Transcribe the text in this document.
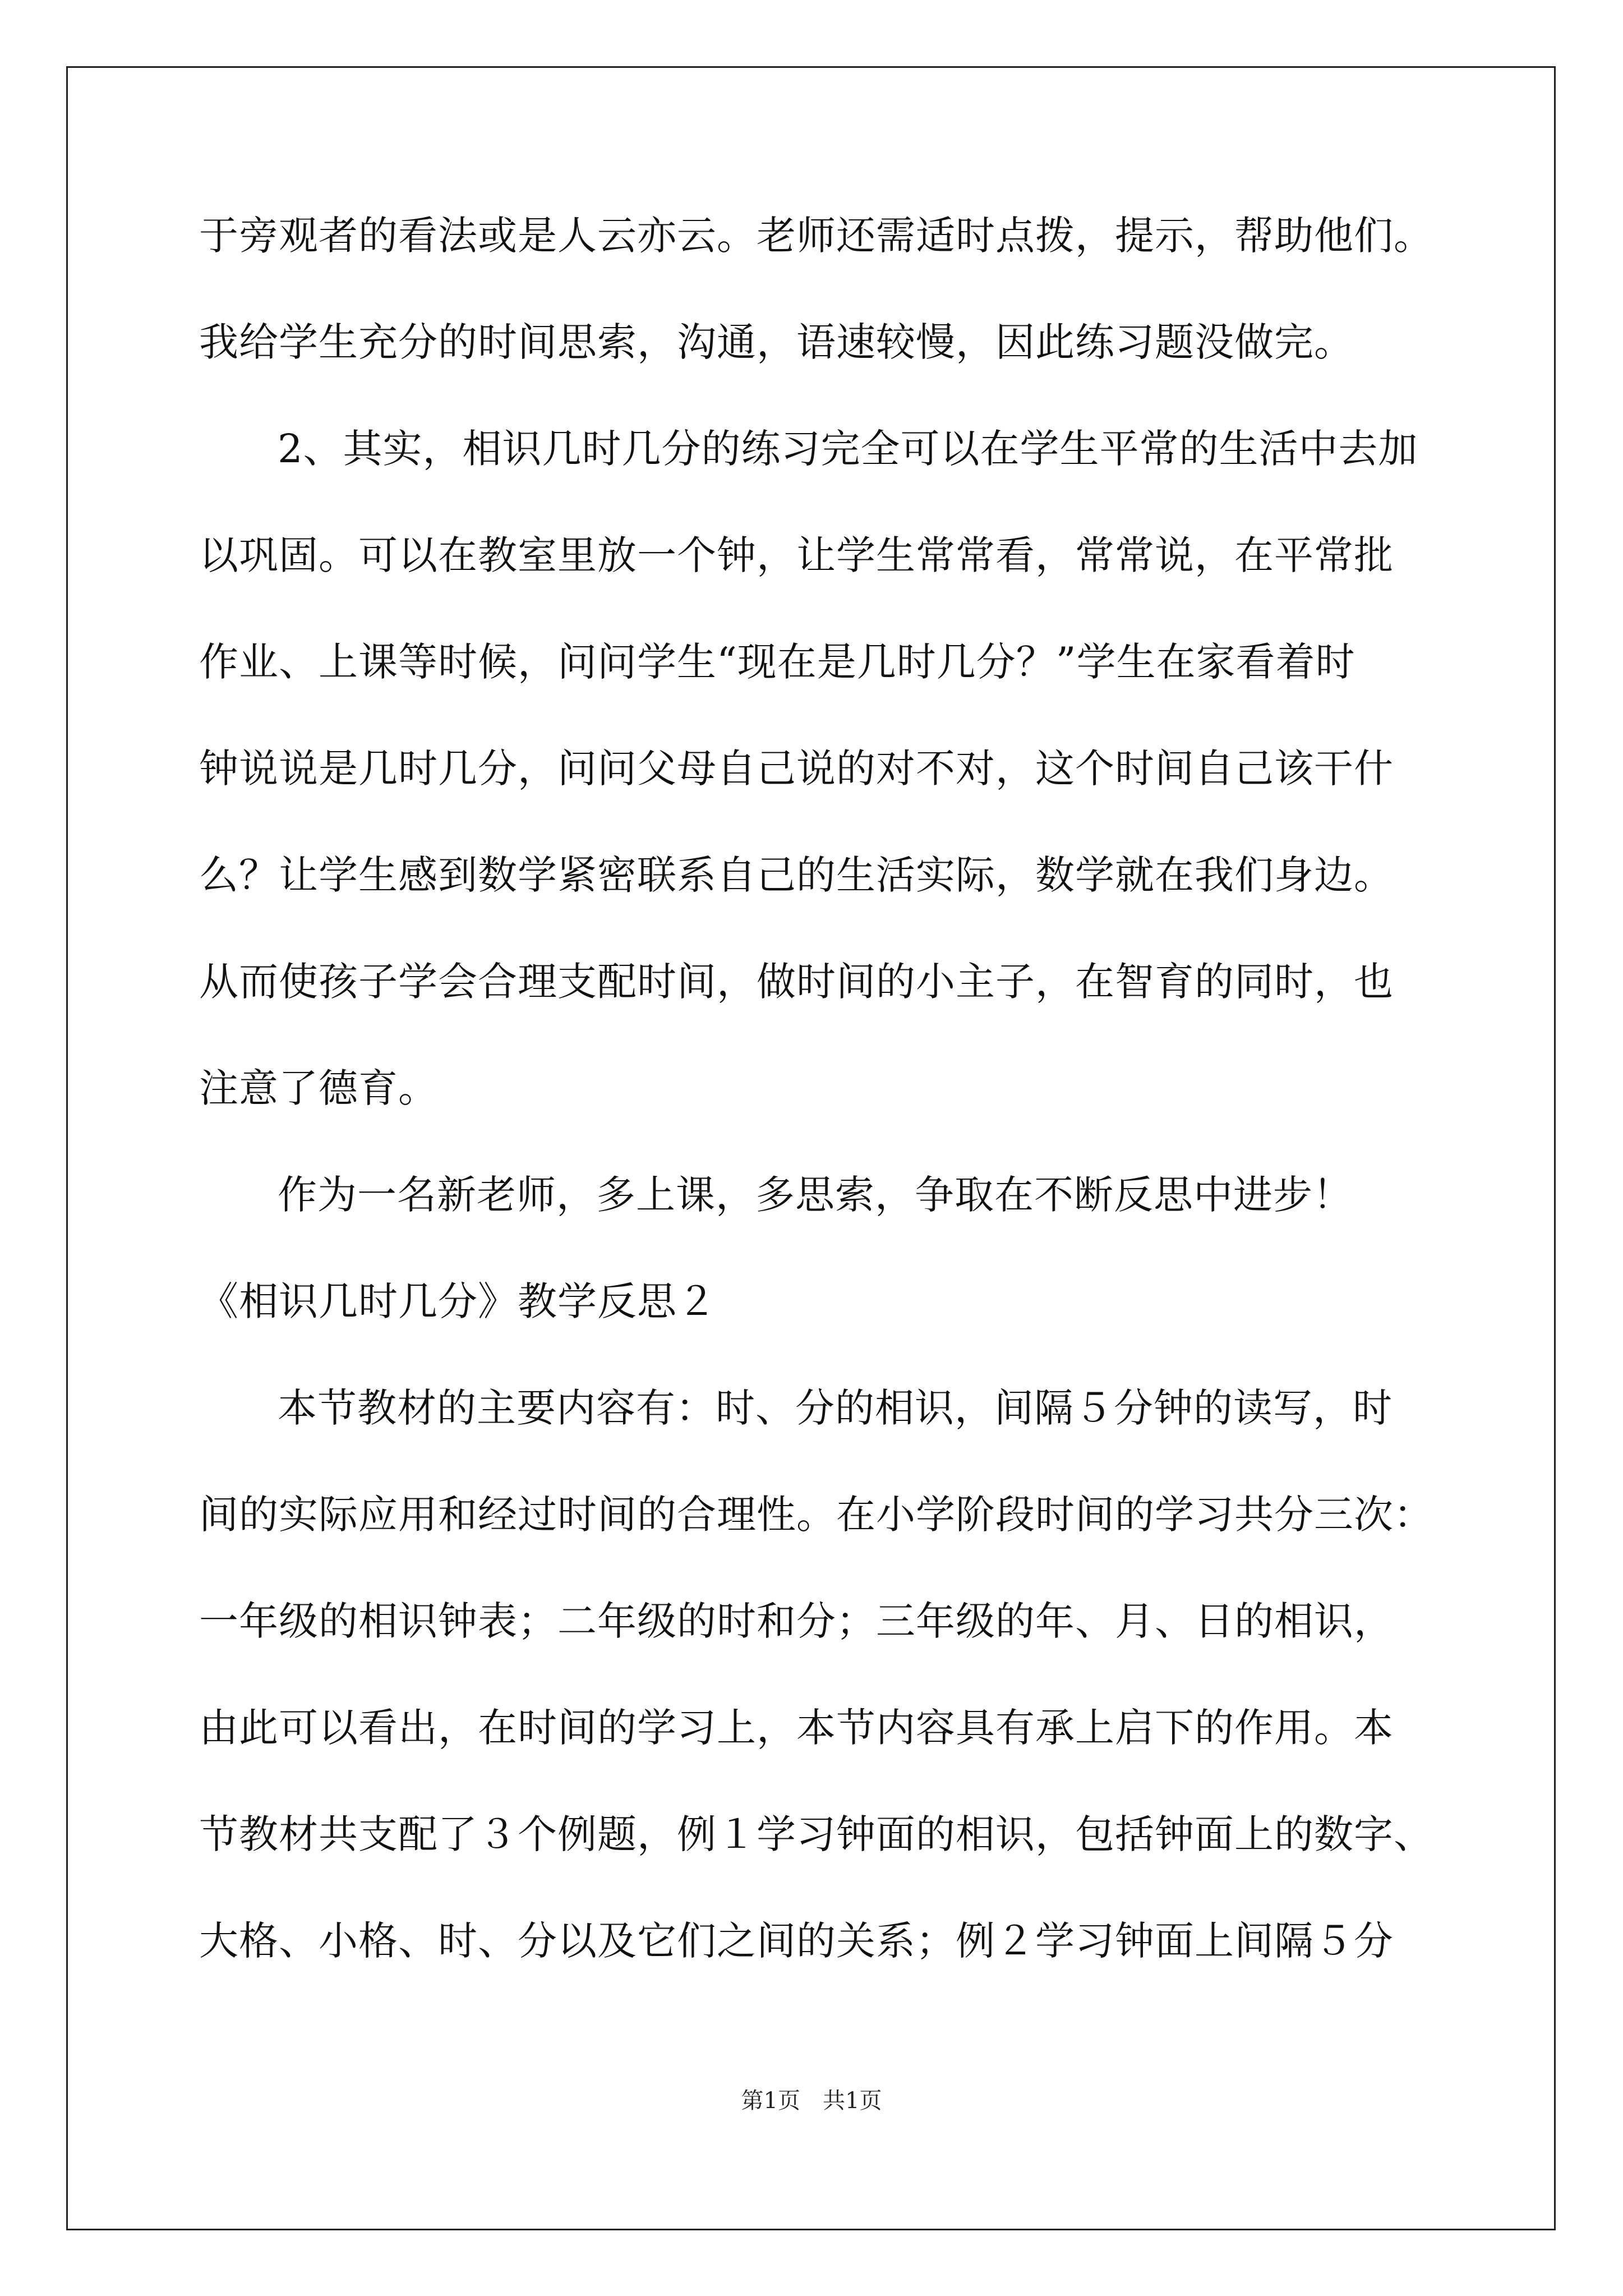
于旁观者的看法或是人云亦云。老师还需适时点拨，提示，帮助他们。
我给学生充分的时间思索，沟通，语速较慢，因此练习题没做完。
2、其实，相识几时几分的练习完全可以在学生平常的生活中去加
以巩固。可以在教室里放一个钟，让学生常常看，常常说，在平常批
作业、上课等时候，问问学生“现在是几时几分？”学生在家看着时
钟说说是几时几分，问问父母自己说的对不对，这个时间自己该干什
么？让学生感到数学紧密联系自己的生活实际，数学就在我们身边。
从而使孩子学会合理支配时间，做时间的小主子，在智育的同时，也
注意了德育。
作为一名新老师，多上课，多思索，争取在不断反思中进步！
《相识几时几分》教学反思２
本节教材的主要内容有：时、分的相识，间隔５分钟的读写，时
间的实际应用和经过时间的合理性。在小学阶段时间的学习共分三次：
一年级的相识钟表；二年级的时和分；三年级的年、月、日的相识，
由此可以看出，在时间的学习上，本节内容具有承上启下的作用。本
节教材共支配了３个例题，例１学习钟面的相识，包括钟面上的数字、
大格、小格、时、分以及它们之间的关系；例２学习钟面上间隔５分
第1页　共1页
